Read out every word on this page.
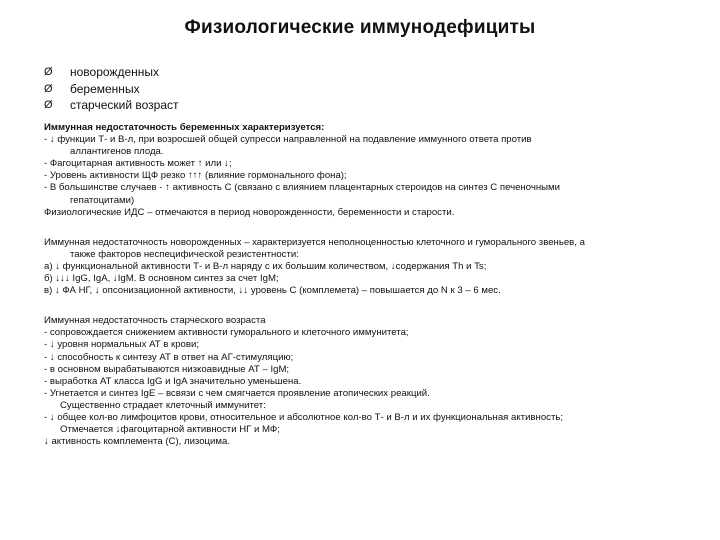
Физиологические иммунодефициты
Ø	новорожденных
Ø	беременных
Ø	старческий возраст
Иммунная недостаточность беременных характеризуется:
- ↓ функции Т- и В-л, при возросшей общей супресси направленной на подавление иммунного ответа против
аллантигенов плода.
- Фагоцитарная активность может ↑ или ↓;
- Уровень активности ЩФ резко ↑↑↑ (влияние гормонального фона);
- В большинстве случаев - ↑ активность С (связано с влиянием плацентарных стероидов на синтез С печеночными
гепатоцитами)
Физиологические ИДС – отмечаются в период новорожденности, беременности и старости.
Иммунная недостаточность новорожденных – характеризуется неполноценностью клеточного и гуморального звеньев, а
также факторов неспецифической резистентности:
а) ↓ функциональной активности Т- и В-л наряду с их большим количеством, ↓содержания Th и Ts;
б) ↓↓↓ IgG, IgA, ↓IgM. В основном синтез за счет IgM;
в) ↓ ФА НГ, ↓ опсонизационной активности, ↓↓ уровень С (комплемета) – повышается до N к 3 – 6 мес.
Иммунная недостаточность старческого возраста
- сопровождается снижением активности гуморального и клеточного иммунитета;
- ↓ уровня нормальных АТ в крови;
- ↓ способность к синтезу АТ в ответ на АГ-стимуляцию;
- в основном вырабатываются низкоавидные АТ – IgM;
- выработка АТ класса IgG и IgA значительно уменьшена.
- Угнетается и синтез IgE – всвязи с чем смягчается проявление атопических реакций.
Существенно страдает клеточный иммунитет:
- ↓ общее кол-во лимфоцитов крови, относительное и абсолютное кол-во Т- и В-л и их функциональная активность;
Отмечается ↓фагоцитарной активности НГ и МФ;
↓ активность комплемента (С), лизоцима.
